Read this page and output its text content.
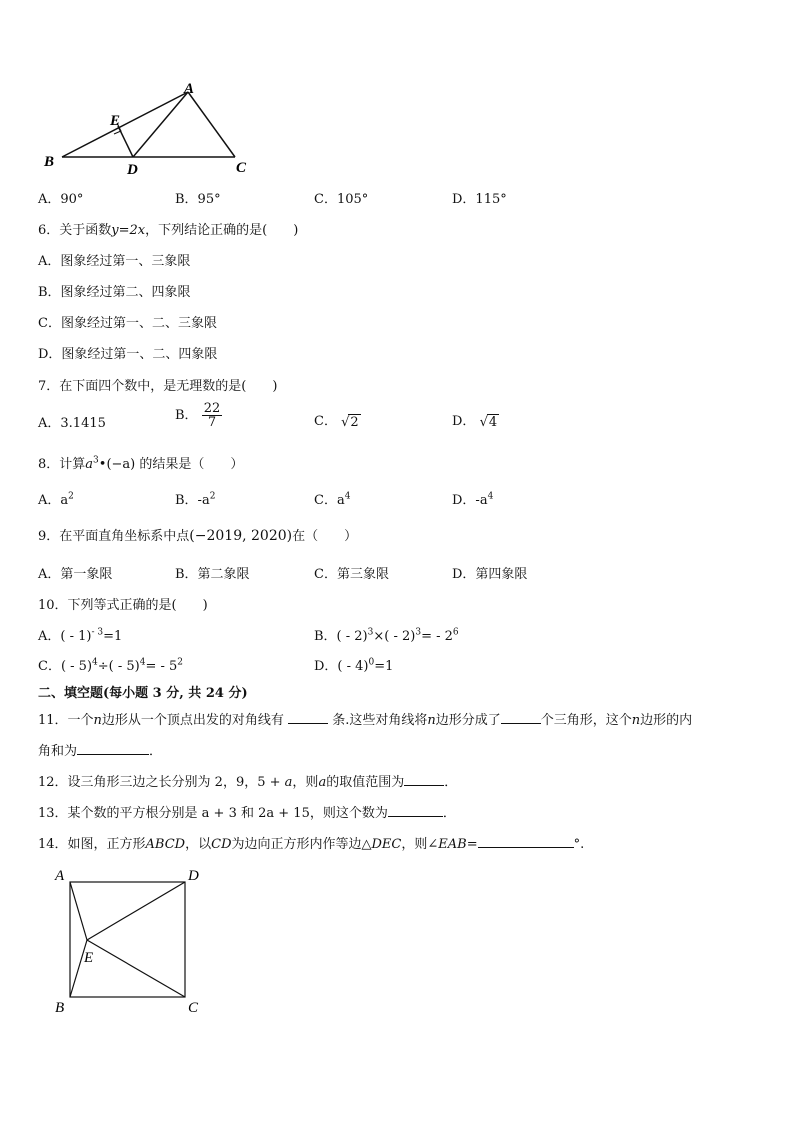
A
B	C
D
E
A．90°	B．95°	C．105°	D．115°
6．关于函数y=2x，下列结论正确的是(　　)
A．图象经过第一、三象限
B．图象经过第二、四象限
C．图象经过第一、二、三象限
D．图象经过第一、二、四象限
7．在下面四个数中，是无理数的是(　　)
A．3.1415
B． $\frac{22}{7}$	C． √2	D． √4
8．计算$a^3•(-a)$ 的结果是（　　）
A．$a^2$	B．$-a^2$	C．$a^4$	D．$-a^4$
9．在平面直角坐标系中点(−2019, 2020)在（　　）
A．第一象限	B．第二象限	C．第三象限	D．第四象限
10．下列等式正确的是(　　)
A．( - 1)$^{- 3}$=1	B．( - $2)^3\times( - 2)^3= - 2^6$
C．( - $5)^4\div( - 5)^4= - 5^2$	D．( - 4)$^0$=1
二、填空题(每小题 3 分, 共 24 分)
11．一个n边形从一个顶点出发的对角线有	条.这些对角线将n边形分成了	个三角形，这个n边形的内
角和为	．
12．设三角形三边之长分别为 2，9，5 + a，则a的取值范围为	．
13．某个数的平方根分别是 a + 3 和 2a + 15，则这个数为	．
14．如图，正方形ABCD，以CD为边向正方形内作等边△DEC，则∠EAB=	°.
A	D
E
B	C
